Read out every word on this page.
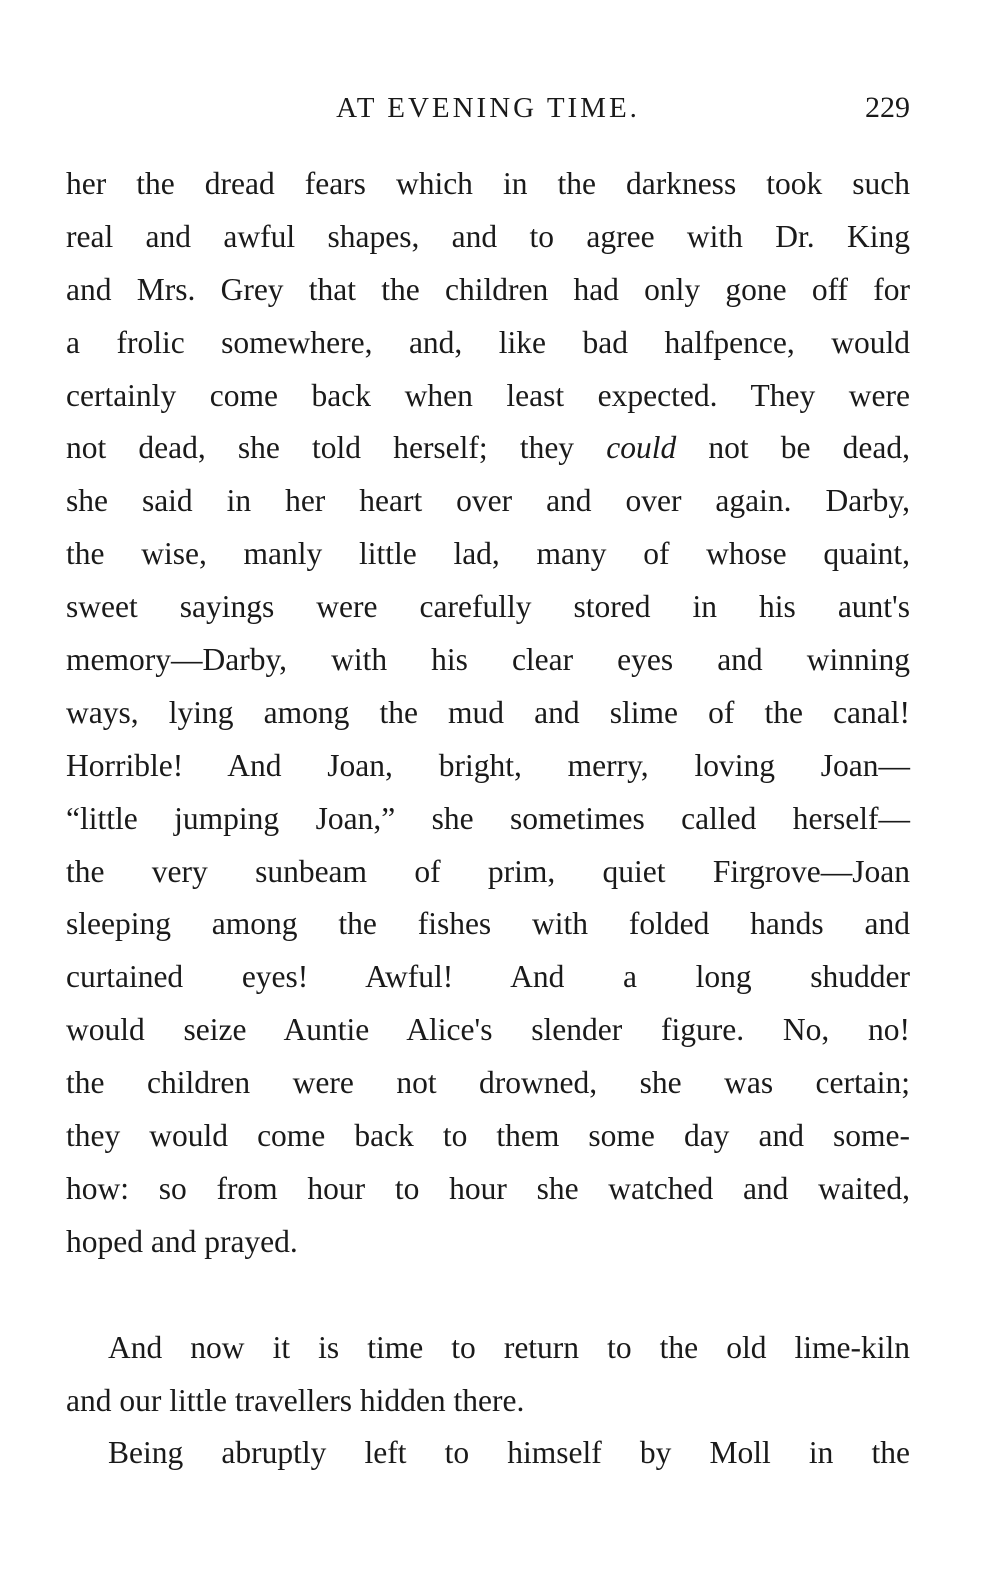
AT EVENING TIME.	229
her the dread fears which in the darkness took such
real and awful shapes, and to agree with Dr. King
and Mrs. Grey that the children had only gone off for
a frolic somewhere, and, like bad halfpence, would
certainly come back when least expected. They were
not dead, she told herself; they could not be dead,
she said in her heart over and over again. Darby,
the wise, manly little lad, many of whose quaint,
sweet sayings were carefully stored in his aunt's
memory—Darby, with his clear eyes and winning
ways, lying among the mud and slime of the canal!
Horrible! And Joan, bright, merry, loving Joan—
“little jumping Joan,” she sometimes called herself—
the very sunbeam of prim, quiet Firgrove—Joan
sleeping among the fishes with folded hands and
curtained eyes! Awful! And a long shudder
would seize Auntie Alice's slender figure. No, no!
the children were not drowned, she was certain;
they would come back to them some day and some-
how: so from hour to hour she watched and waited,
hoped and prayed.
And now it is time to return to the old lime-kiln
and our little travellers hidden there.
Being abruptly left to himself by Moll in the
